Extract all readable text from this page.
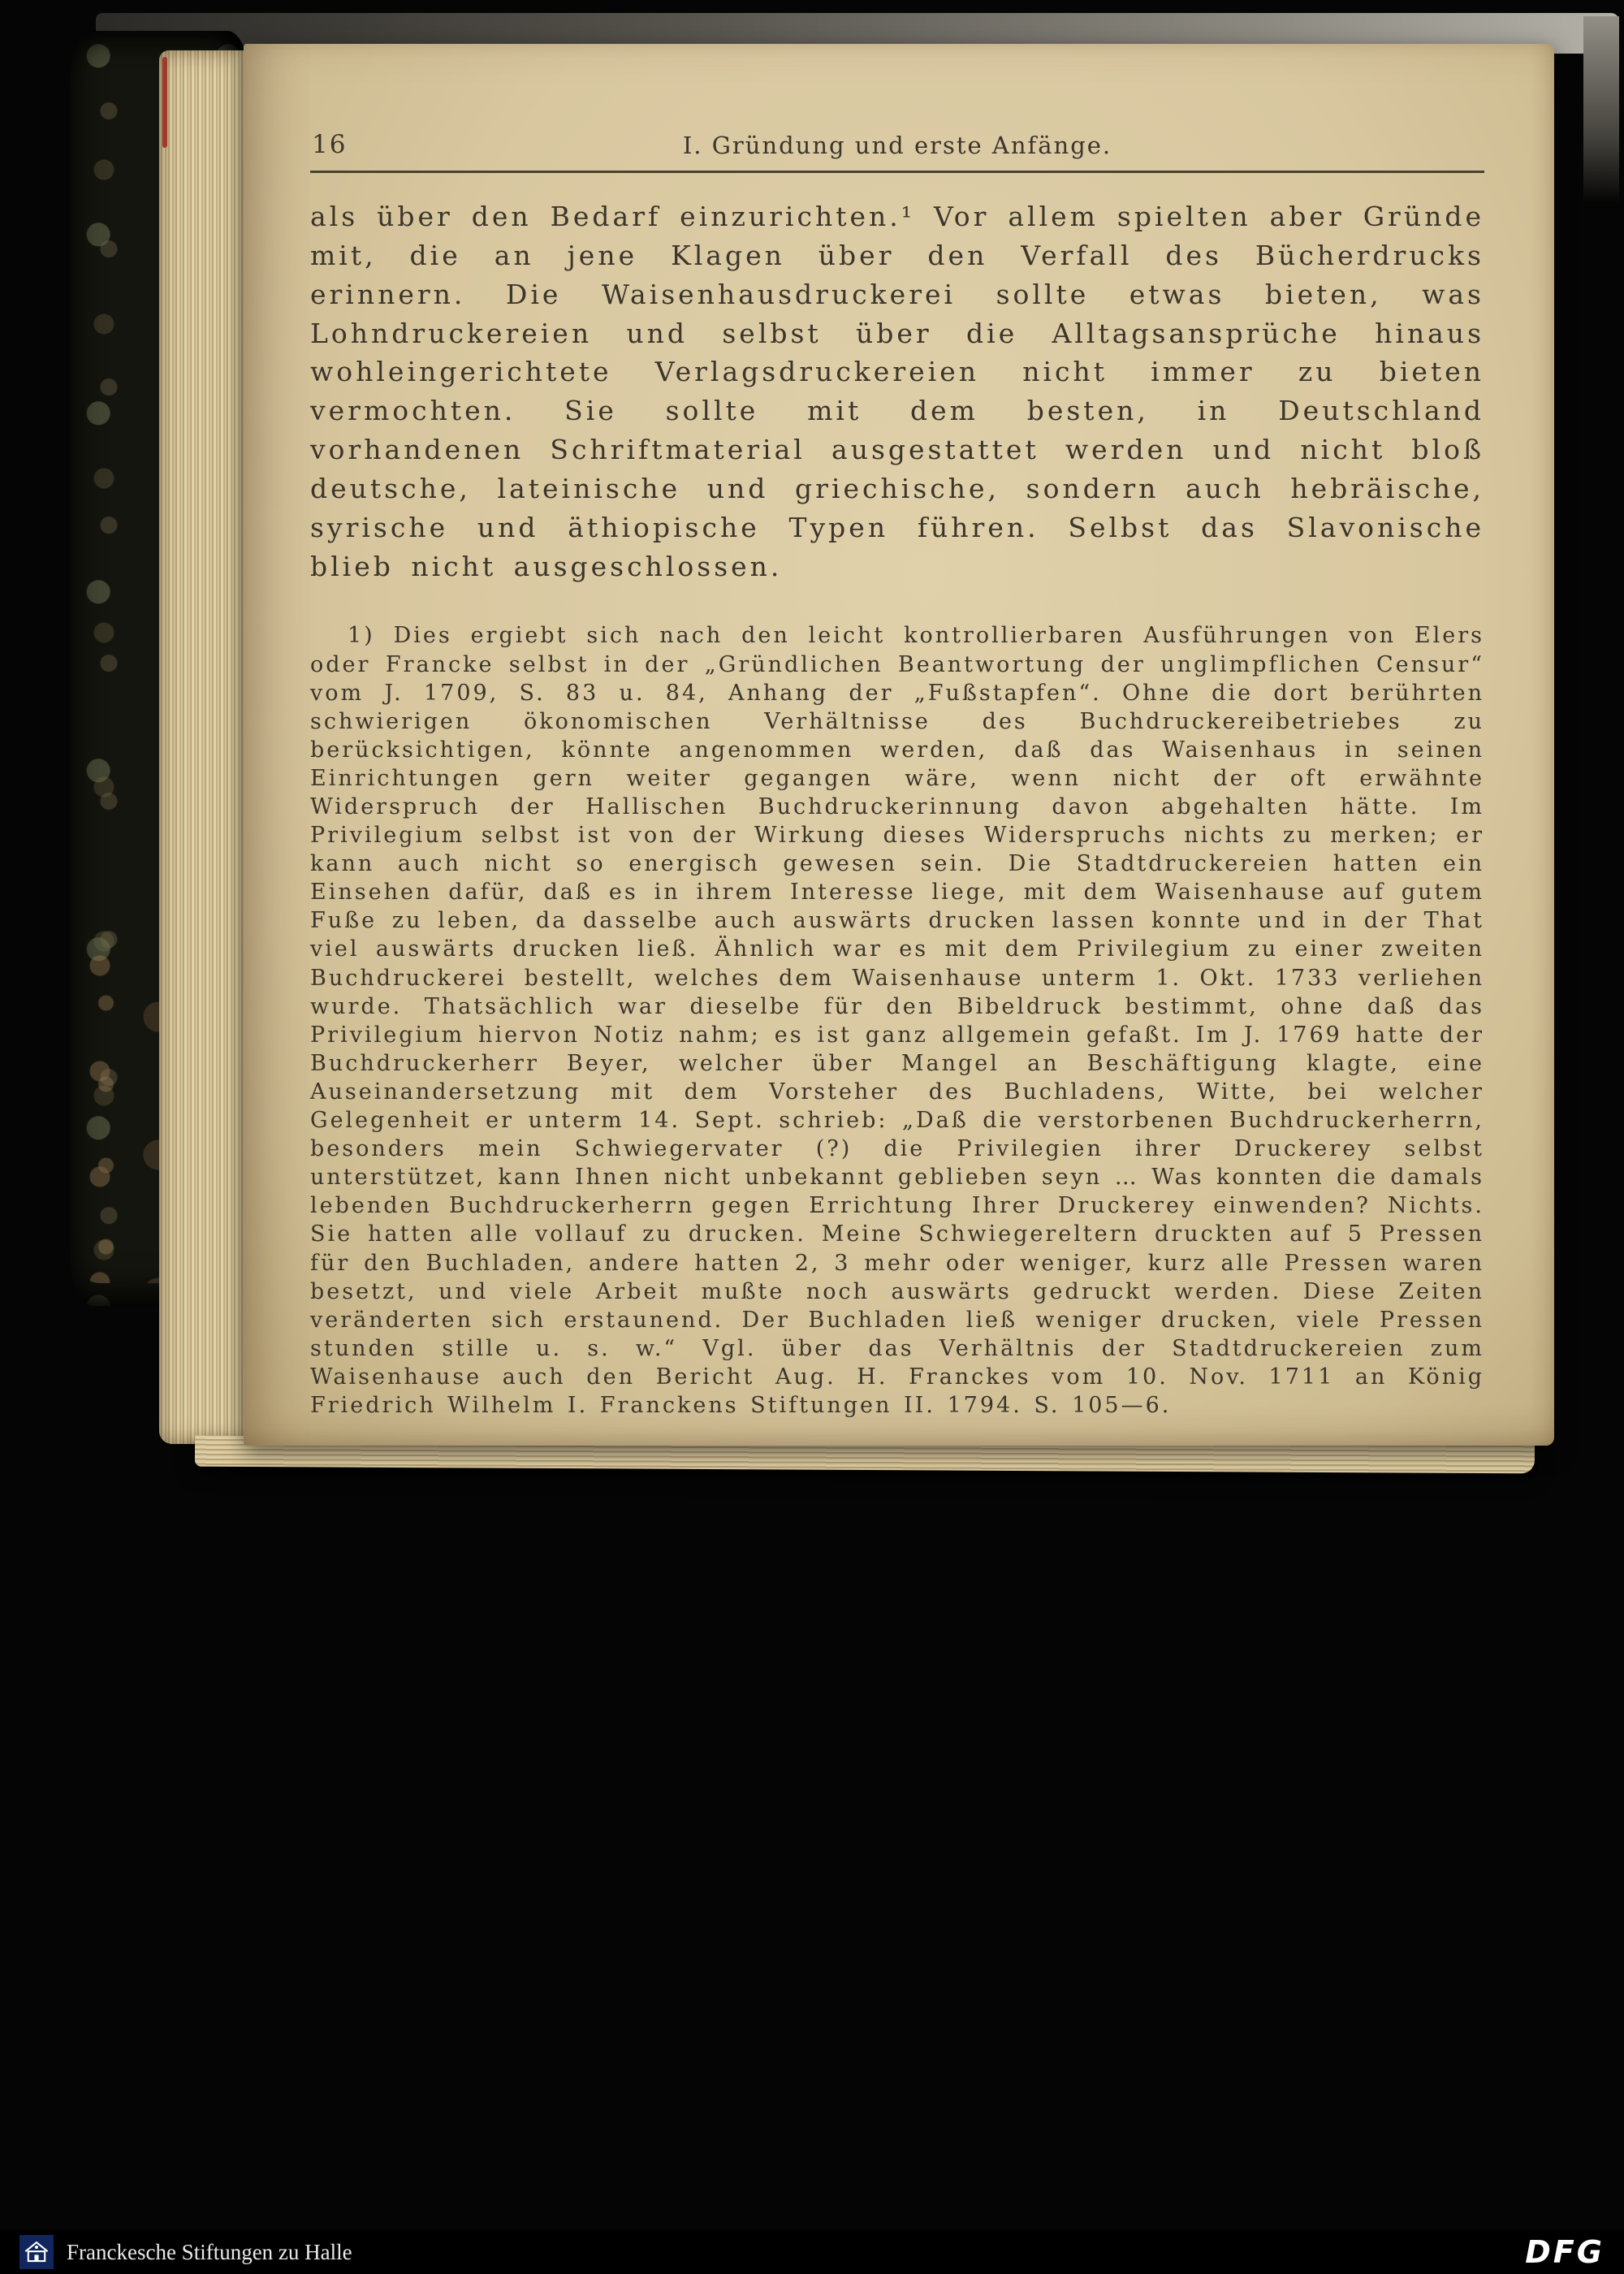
16	I. Gründung und erste Anfänge.

als über den Bedarf einzurichten.¹ Vor allem spielten aber Gründe mit, die an jene Klagen über den Verfall des Bücherdrucks erinnern. Die Waisenhausdruckerei sollte etwas bieten, was Lohndruckereien und selbst über die Alltagsansprüche hinaus wohleingerichtete Verlagsdruckereien nicht immer zu bieten vermochten. Sie sollte mit dem besten, in Deutschland vorhandenen Schriftmaterial ausgestattet werden und nicht bloß deutsche, lateinische und griechische, sondern auch hebräische, syrische und äthiopische Typen führen. Selbst das Slavonische blieb nicht ausgeschlossen.

1) Dies ergiebt sich nach den leicht kontrollierbaren Ausführungen von Elers oder Francke selbst in der „Gründlichen Beantwortung der unglimpflichen Censur“ vom J. 1709, S. 83 u. 84, Anhang der „Fußstapfen“. Ohne die dort berührten schwierigen ökonomischen Verhältnisse des Buchdruckereibetriebes zu berücksichtigen, könnte angenommen werden, daß das Waisenhaus in seinen Einrichtungen gern weiter gegangen wäre, wenn nicht der oft erwähnte Widerspruch der Hallischen Buchdruckerinnung davon abgehalten hätte. Im Privilegium selbst ist von der Wirkung dieses Widerspruchs nichts zu merken; er kann auch nicht so energisch gewesen sein. Die Stadtdruckereien hatten ein Einsehen dafür, daß es in ihrem Interesse liege, mit dem Waisenhause auf gutem Fuße zu leben, da dasselbe auch auswärts drucken lassen konnte und in der That viel auswärts drucken ließ. Ähnlich war es mit dem Privilegium zu einer zweiten Buchdruckerei bestellt, welches dem Waisenhause unterm 1. Okt. 1733 verliehen wurde. Thatsächlich war dieselbe für den Bibeldruck bestimmt, ohne daß das Privilegium hiervon Notiz nahm; es ist ganz allgemein gefaßt. Im J. 1769 hatte der Buchdruckerherr Beyer, welcher über Mangel an Beschäftigung klagte, eine Auseinandersetzung mit dem Vorsteher des Buchladens, Witte, bei welcher Gelegenheit er unterm 14. Sept. schrieb: „Daß die verstorbenen Buchdruckerherrn, besonders mein Schwiegervater (?) die Privilegien ihrer Druckerey selbst unterstützet, kann Ihnen nicht unbekannt geblieben seyn … Was konnten die damals lebenden Buchdruckerherrn gegen Errichtung Ihrer Druckerey einwenden? Nichts. Sie hatten alle vollauf zu drucken. Meine Schwiegereltern druckten auf 5 Pressen für den Buchladen, andere hatten 2, 3 mehr oder weniger, kurz alle Pressen waren besetzt, und viele Arbeit mußte noch auswärts gedruckt werden. Diese Zeiten veränderten sich erstaunend. Der Buchladen ließ weniger drucken, viele Pressen stunden stille u. s. w.“ Vgl. über das Verhältnis der Stadtdruckereien zum Waisenhause auch den Bericht Aug. H. Franckes vom 10. Nov. 1711 an König Friedrich Wilhelm I. Franckens Stiftungen II. 1794. S. 105—6.

Franckesche Stiftungen zu Halle	DFG
